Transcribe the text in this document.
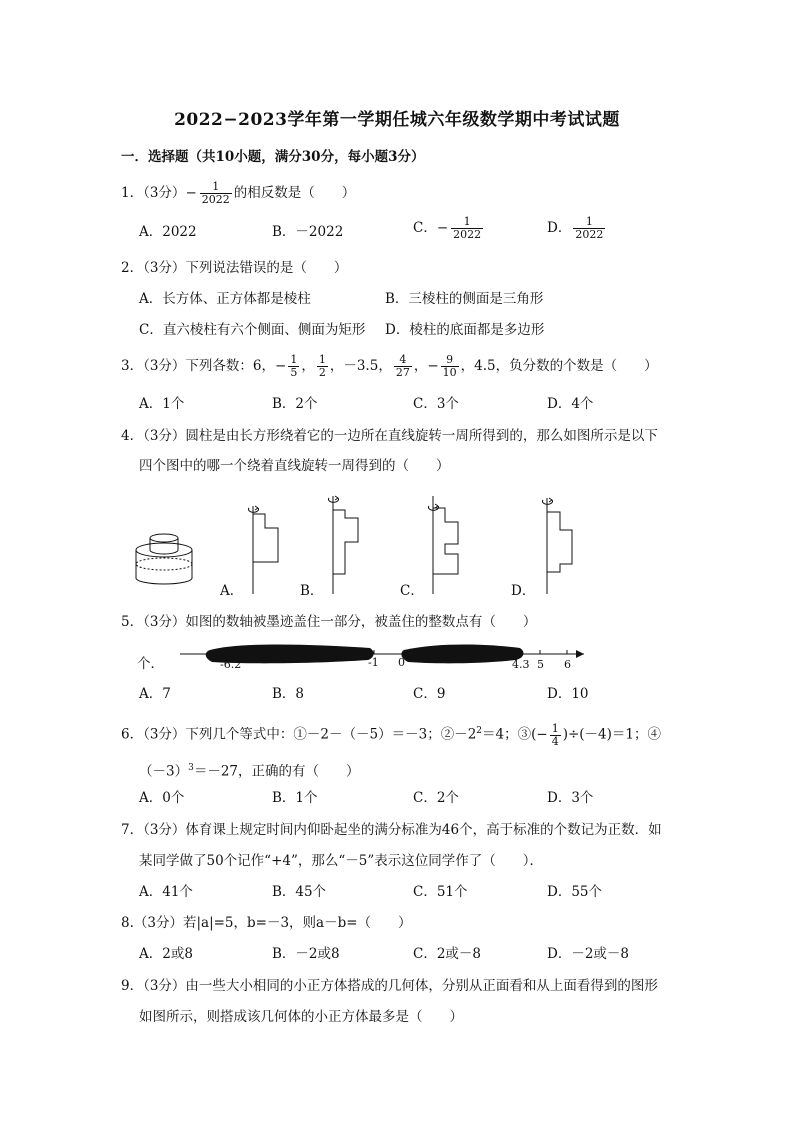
2022−2023学年第一学期任城六年级数学期中考试试题
一．选择题（共10小题，满分30分，每小题3分）
1．（3分）− $\frac{1}{2022}$ 的相反数是（　　）
A．2022	B．－2022	C．− $\frac{1}{2022}$	D． $\frac{1}{2022}$
2．（3分）下列说法错误的是（　　）
A．长方体、正方体都是棱柱	B．三棱柱的侧面是三角形
C．直六棱柱有六个侧面、侧面为矩形 D．棱柱的底面都是多边形
3．（3分）下列各数：6，− $\frac{1}{5}$ ， $\frac{1}{2}$ ，－3.5， $\frac{4}{27}$ ，− $\frac{9}{10}$ ，4.5，负分数的个数是（　　）
A．1个	B．2个	C．3个	D．4个
4．（3分）圆柱是由长方形绕着它的一边所在直线旋转一周所得到的，那么如图所示是以下
四个图中的哪一个绕着直线旋转一周得到的（　　）
A．	B．	C．	D．
5．（3分）如图的数轴被墨迹盖住一部分，被盖住的整数点有（　　）
个．	-6.2	-1 0	4.3 5 6
A．7	B．8	C．9	D．10
6．（3分）下列几个等式中：①－2－（－5）＝－3；$②-2^2=4$；③(− $\frac{1}{4} )\div(-4)=1$；④
$(-3)^3=-27$，正确的有（　　）
A．0个	B．1个	C．2个	D．3个
7．（3分）体育课上规定时间内仰卧起坐的满分标准为46个，高于标准的个数记为正数．如
某同学做了50个记作“+4”，那么“－5”表示这位同学作了（　　）．
A．41个	B．45个	C．51个	D．55个
8.（3分）若|a|=5，b=－3，则a－b=（　　）
A．2或8	B．－2或8	C．2或－8	D．－2或－8
9．（3分）由一些大小相同的小正方体搭成的几何体，分别从正面看和从上面看得到的图形
如图所示，则搭成该几何体的小正方体最多是（　　）
